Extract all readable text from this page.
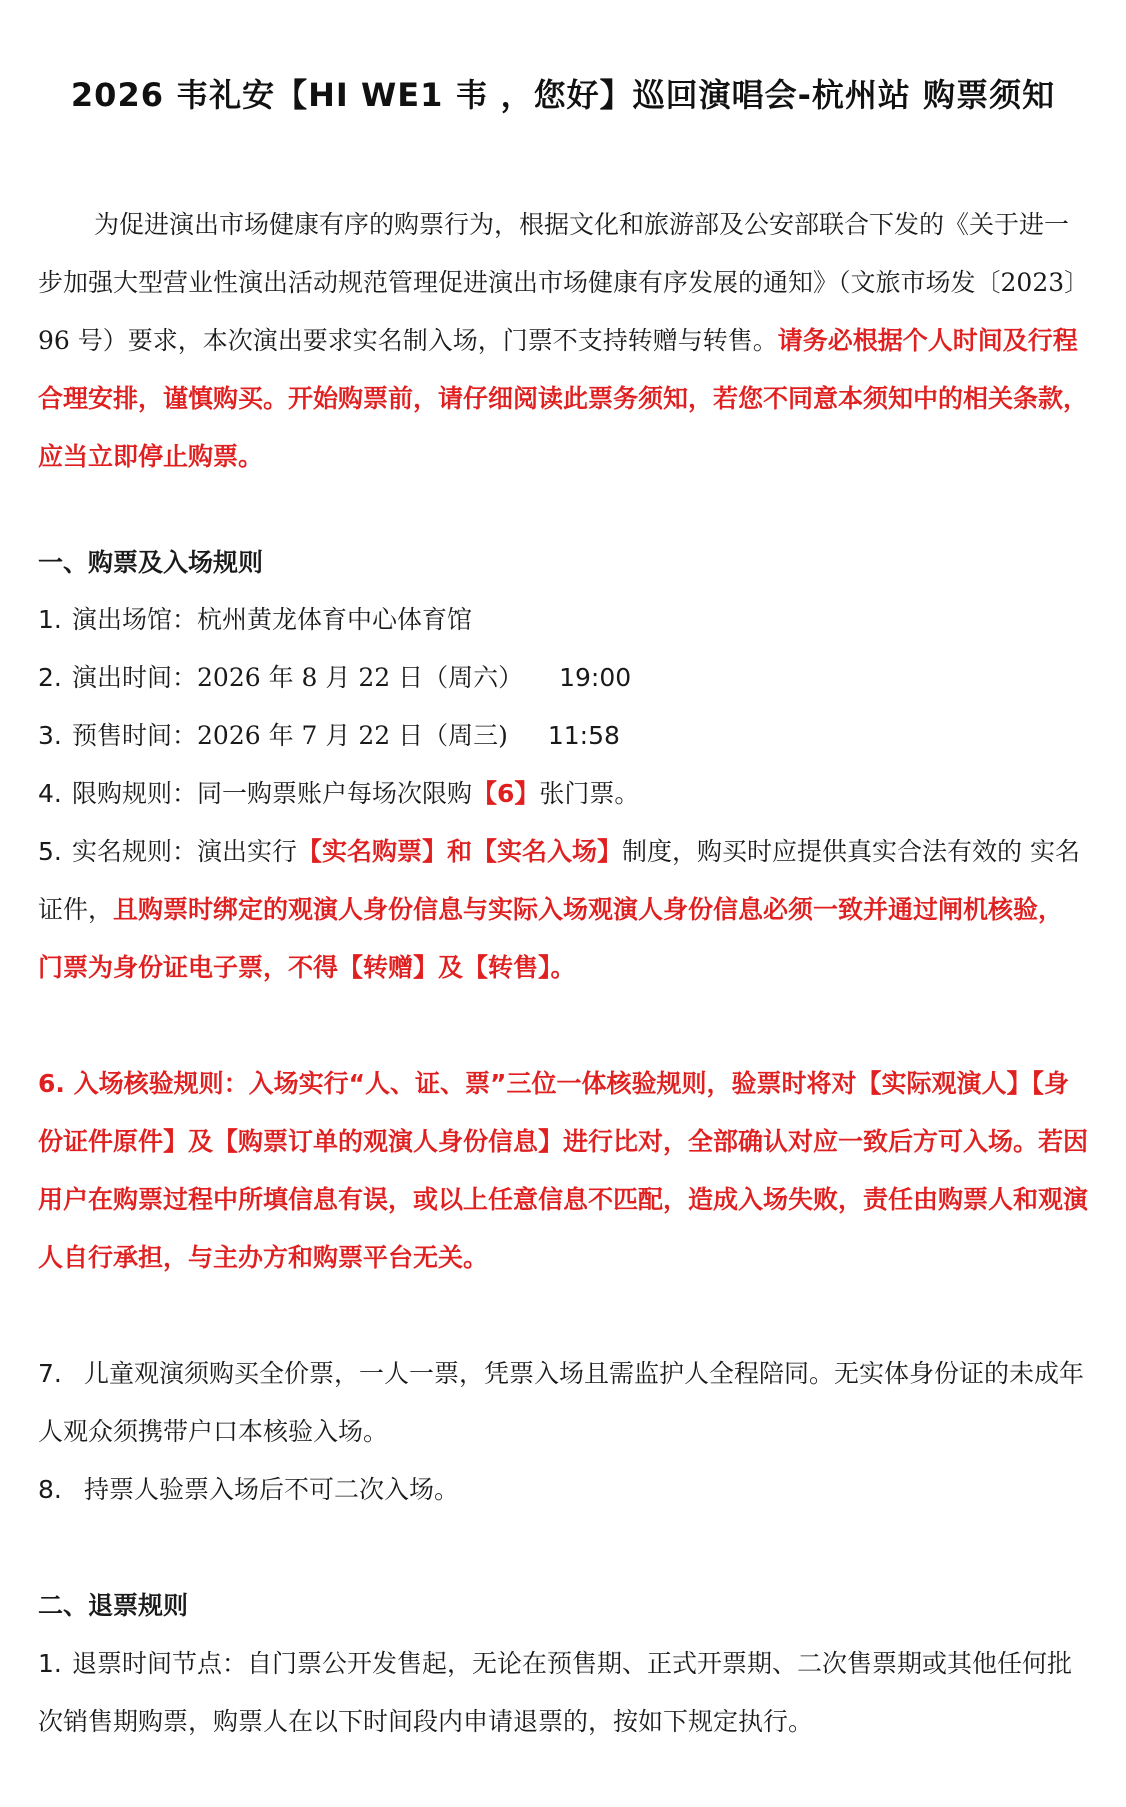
2026 韦礼安【HI WE1 韦 ，您好】巡回演唱会-杭州站 购票须知

为促进演出市场健康有序的购票行为，根据文化和旅游部及公安部联合下发的《关于进一步加强大型营业性演出活动规范管理促进演出市场健康有序发展的通知》（文旅市场发〔2023〕96 号）要求，本次演出要求实名制入场，门票不支持转赠与转售。请务必根据个人时间及行程合理安排，谨慎购买。开始购票前，请仔细阅读此票务须知，若您不同意本须知中的相关条款，应当立即停止购票。

一、购票及入场规则
1. 演出场馆：杭州黄龙体育中心体育馆
2. 演出时间：2026 年 8 月 22 日（周六） 19:00
3. 预售时间：2026 年 7 月 22 日（周三) 11:58
4. 限购规则：同一购票账户每场次限购【6】张门票。

5. 实名规则：演出实行【实名购票】和【实名入场】制度，购买时应提供真实合法有效的 实名证件，且购票时绑定的观演人身份信息与实际入场观演人身份信息必须一致并通过闸机核验，门票为身份证电子票，不得【转赠】及【转售】。

6. 入场核验规则：入场实行“人、证、票”三位一体核验规则，验票时将对【实际观演人】【身份证件原件】及【购票订单的观演人身份信息】进行比对，全部确认对应一致后方可入场。若因用户在购票过程中所填信息有误，或以上任意信息不匹配，造成入场失败，责任由购票人和观演人自行承担，与主办方和购票平台无关。

7. 儿童观演须购买全价票，一人一票，凭票入场且需监护人全程陪同。无实体身份证的未成年人观众须携带户口本核验入场。

8. 持票人验票入场后不可二次入场。
二、退票规则

1. 退票时间节点：自门票公开发售起，无论在预售期、正式开票期、二次售票期或其他任何批次销售期购票，购票人在以下时间段内申请退票的，按如下规定执行。
